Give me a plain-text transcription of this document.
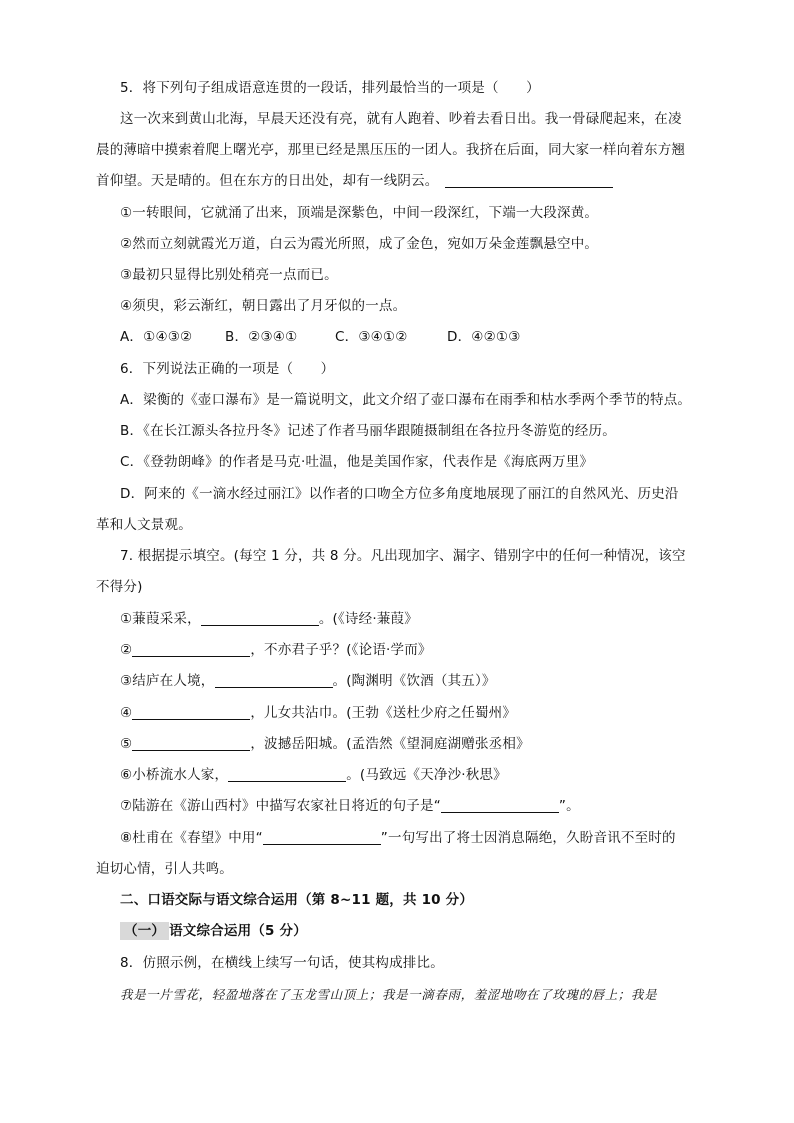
5．将下列句子组成语意连贯的一段话，排列最恰当的一项是（　　）
这一次来到黄山北海，早晨天还没有亮，就有人跑着、吵着去看日出。我一骨碌爬起来，在凌
晨的薄暗中摸索着爬上曙光亭，那里已经是黑压压的一团人。我挤在后面，同大家一样向着东方翘
首仰望。天是晴的。但在东方的日出处，却有一线阴云。
①一转眼间，它就涌了出来，顶端是深紫色，中间一段深红，下端一大段深黄。
②然而立刻就霞光万道，白云为霞光所照，成了金色，宛如万朵金莲飘悬空中。
③最初只显得比别处稍亮一点而已。
④须臾，彩云渐红，朝日露出了月牙似的一点。
A．①④③② B．②③④①	C．③④①②	D．④②①③
6．下列说法正确的一项是（　　）
A．梁衡的《壶口瀑布》是一篇说明文，此文介绍了壶口瀑布在雨季和枯水季两个季节的特点。
B．《在长江源头各拉丹冬》记述了作者马丽华跟随摄制组在各拉丹冬游览的经历。
C．《登勃朗峰》的作者是马克·吐温，他是美国作家，代表作是《海底两万里》
D．阿来的《一滴水经过丽江》以作者的口吻全方位多角度地展现了丽江的自然风光、历史沿
革和人文景观。
7. 根据提示填空。(每空 1 分，共 8 分。凡出现加字、漏字、错别字中的任何一种情况，该空
不得分)
①蒹葭采采，	。(《诗经·蒹葭》
②	，不亦君子乎？(《论语·学而》
③结庐在人境，	。(陶渊明《饮酒（其五）》
④	，儿女共沾巾。(王勃《送杜少府之任蜀州》
⑤	，波撼岳阳城。(孟浩然《望洞庭湖赠张丞相》
⑥小桥流水人家，	。(马致远《天净沙·秋思》
⑦陆游在《游山西村》中描写农家社日将近的句子是“	”。
⑧杜甫在《春望》中用“	”一句写出了将士因消息隔绝，久盼音讯不至时的
迫切心情，引人共鸣。
二、口语交际与语文综合运用（第 8~11 题，共 10 分）
（一） 语文综合运用（5 分）
8．仿照示例，在横线上续写一句话，使其构成排比。
我是一片雪花，轻盈地落在了玉龙雪山顶上；我是一滴春雨，羞涩地吻在了玫瑰的唇上；我是
